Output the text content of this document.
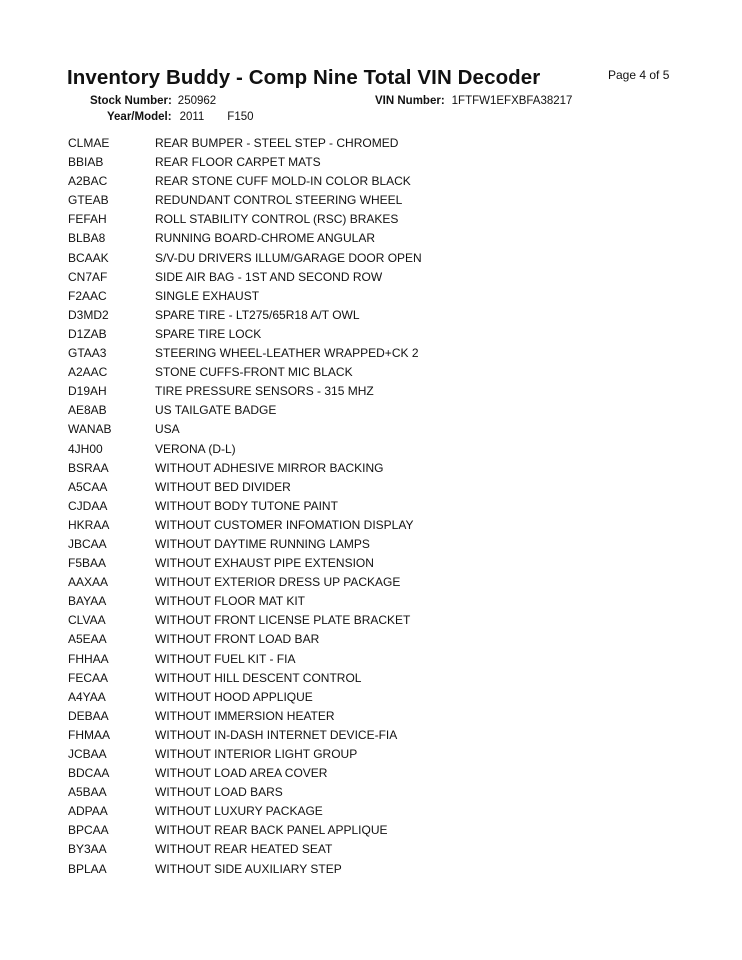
Inventory Buddy - Comp Nine Total VIN Decoder	Page 4 of 5
Stock Number: 250962	VIN Number: 1FTFW1EFXBFA38217
Year/Model: 2011 F150
CLMAE	REAR BUMPER - STEEL STEP - CHROMED
BBIAB	REAR FLOOR CARPET MATS
A2BAC	REAR STONE CUFF MOLD-IN COLOR BLACK
GTEAB	REDUNDANT CONTROL STEERING WHEEL
FEFAH	ROLL STABILITY CONTROL (RSC) BRAKES
BLBA8	RUNNING BOARD-CHROME ANGULAR
BCAAK	S/V-DU DRIVERS ILLUM/GARAGE DOOR OPEN
CN7AF	SIDE AIR BAG - 1ST AND SECOND ROW
F2AAC	SINGLE EXHAUST
D3MD2	SPARE TIRE - LT275/65R18 A/T OWL
D1ZAB	SPARE TIRE LOCK
GTAA3	STEERING WHEEL-LEATHER WRAPPED+CK 2
A2AAC	STONE CUFFS-FRONT MIC BLACK
D19AH	TIRE PRESSURE SENSORS - 315 MHZ
AE8AB	US TAILGATE BADGE
WANAB	USA
4JH00	VERONA (D-L)
BSRAA	WITHOUT ADHESIVE MIRROR BACKING
A5CAA	WITHOUT BED DIVIDER
CJDAA	WITHOUT BODY TUTONE PAINT
HKRAA	WITHOUT CUSTOMER INFOMATION DISPLAY
JBCAA	WITHOUT DAYTIME RUNNING LAMPS
F5BAA	WITHOUT EXHAUST PIPE EXTENSION
AAXAA	WITHOUT EXTERIOR DRESS UP PACKAGE
BAYAA	WITHOUT FLOOR MAT KIT
CLVAA	WITHOUT FRONT LICENSE PLATE BRACKET
A5EAA	WITHOUT FRONT LOAD BAR
FHHAA	WITHOUT FUEL KIT - FIA
FECAA	WITHOUT HILL DESCENT CONTROL
A4YAA	WITHOUT HOOD APPLIQUE
DEBAA	WITHOUT IMMERSION HEATER
FHMAA	WITHOUT IN-DASH INTERNET DEVICE-FIA
JCBAA	WITHOUT INTERIOR LIGHT GROUP
BDCAA	WITHOUT LOAD AREA COVER
A5BAA	WITHOUT LOAD BARS
ADPAA	WITHOUT LUXURY PACKAGE
BPCAA	WITHOUT REAR BACK PANEL APPLIQUE
BY3AA	WITHOUT REAR HEATED SEAT
BPLAA	WITHOUT SIDE AUXILIARY STEP
